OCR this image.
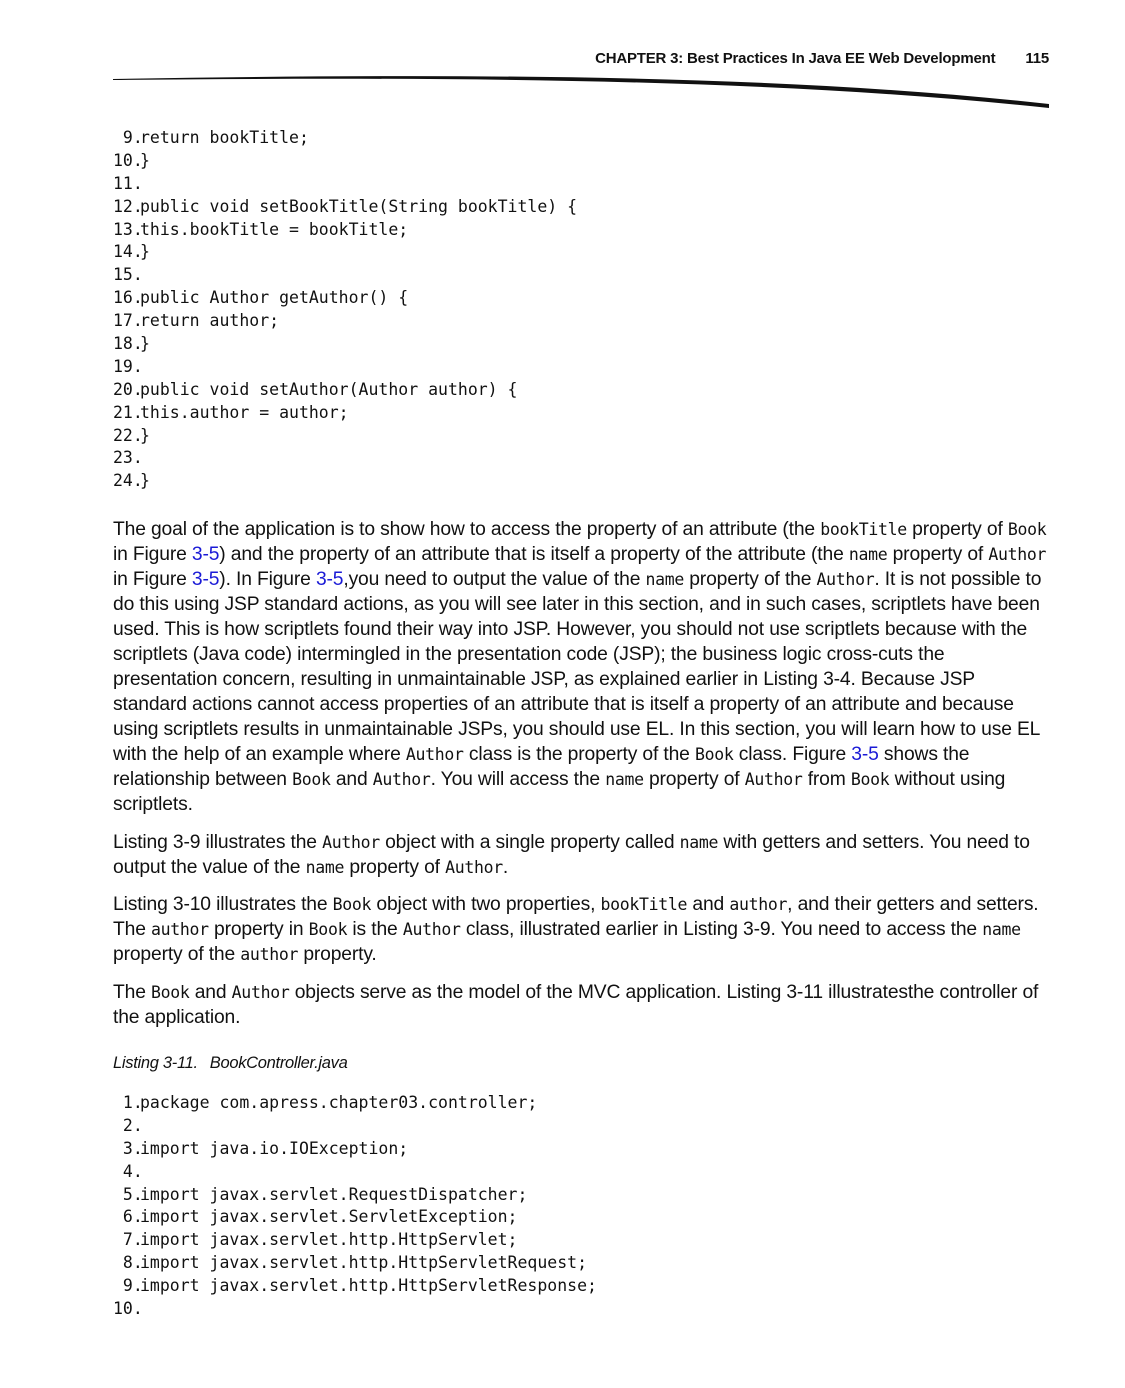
CHAPTER 3: Best Practices In Java EE Web Development 115
9.return bookTitle;
10.}
11.
12.public void setBookTitle(String bookTitle) {
13.this.bookTitle = bookTitle;
14.}
15.
16.public Author getAuthor() {
17.return author;
18.}
19.
20.public void setAuthor(Author author) {
21.this.author = author;
22.}
23.
24.}

The goal of the application is to show how to access the property of an attribute (the bookTitle property of Book in Figure 3-5) and the property of an attribute that is itself a property of the attribute (the name property of Author in Figure 3-5). In Figure 3-5,you need to output the value of the name property of the Author. It is not possible to do this using JSP standard actions, as you will see later in this section, and in such cases, scriptlets have been used. This is how scriptlets found their way into JSP. However, you should not use scriptlets because with the scriptlets (Java code) intermingled in the presentation code (JSP); the business logic cross-cuts the presentation concern, resulting in unmaintainable JSP, as explained earlier in Listing 3-4. Because JSP standard actions cannot access properties of an attribute that is itself a property of an attribute and because using scriptlets results in unmaintainable JSPs, you should use EL. In this section, you will learn how to use EL with the help of an example where Author class is the property of the Book class. Figure 3-5 shows the relationship between Book and Author. You will access the name property of Author from Book without using scriptlets.

Listing 3-9 illustrates the Author object with a single property called name with getters and setters. You need to output the value of the name property of Author.

Listing 3-10 illustrates the Book object with two properties, bookTitle and author, and their getters and setters. The author property in Book is the Author class, illustrated earlier in Listing 3-9. You need to access the name property of the author property.

The Book and Author objects serve as the model of the MVC application. Listing 3-11 illustratesthe controller of the application.

Listing 3-11. BookController.java
1.package com.apress.chapter03.controller;
2.
3.import java.io.IOException;
4.
5.import javax.servlet.RequestDispatcher;
6.import javax.servlet.ServletException;
7.import javax.servlet.http.HttpServlet;
8.import javax.servlet.http.HttpServletRequest;
9.import javax.servlet.http.HttpServletResponse;
10.
